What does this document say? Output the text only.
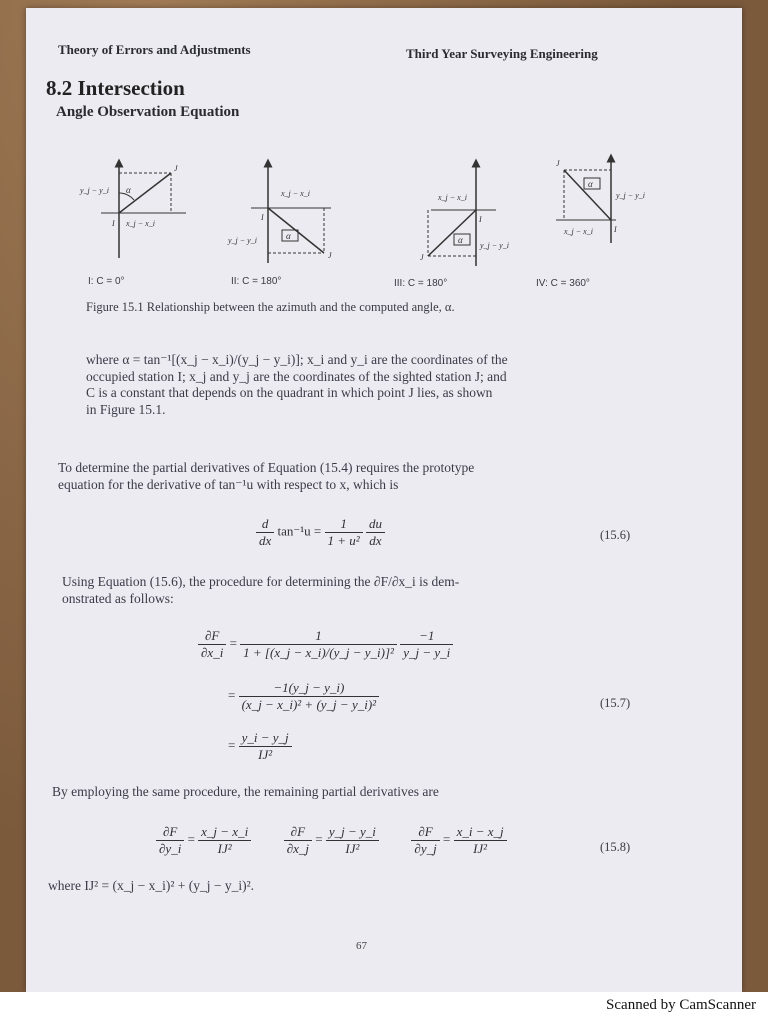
Theory of Errors and Adjustments	Third Year Surveying Engineering
8.2 Intersection
Angle Observation Equation
α
I
J
y_j − y_i
x_j − x_i
α
I
J
x_j − x_i
y_j − y_i	α
J
I
x_j − x_i
y_j − y_i
α
J
I
y_j − y_i
x_j − x_i
I: C = 0°	II: C = 180°	III: C = 180°	IV: C = 360°
Figure 15.1 Relationship between the azimuth and the computed angle, α.
where α = tan⁻¹[(x_j − x_i)/(y_j − y_i)]; x_i and y_i are the coordinates of the
occupied station I; x_j and y_j are the coordinates of the sighted station J; and
C is a constant that depends on the quadrant in which point J lies, as shown
in Figure 15.1.
To determine the partial derivatives of Equation (15.4) requires the prototype
equation for the derivative of tan⁻¹u with respect to x, which is
$\frac{d}{dx} \tan^{-1}u = \frac{1}{\text{1 + u²}}$
$\frac{du}{dx}$	(15.6)
Using Equation (15.6), the procedure for determining the ∂F/∂x_i is dem-
onstrated as follows:
$\frac{\partial F}{\partial x\_i} = \frac{1}{\text{1 + [(x\_j − x\_i)/(y\_j − y\_i)]²}}$
$\frac{-1}{y\_j - y\_i}$
= $\frac{-1(y\_j - y\_i)}{\text{(x\_j − x\_i)² + (y\_j − y\_i)²}}$	(15.7)
= $\frac{y\_i - y\_j}{\text{IJ²}}$
By employing the same procedure, the remaining partial derivatives are
$\frac{\partial F}{\partial y\_i} = \frac{x\_j - x\_i}{\text{IJ²}}$
	$\frac{\partial F}{\partial x\_j} = \frac{y\_j - y\_i}{\text{IJ²}}$
	$\frac{\partial F}{\partial y\_j} = \frac{x\_i - x\_j}{\text{IJ²}}$	(15.8)
where IJ² = (x_j − x_i)² + (y_j − y_i)².
67
Scanned by CamScanner
